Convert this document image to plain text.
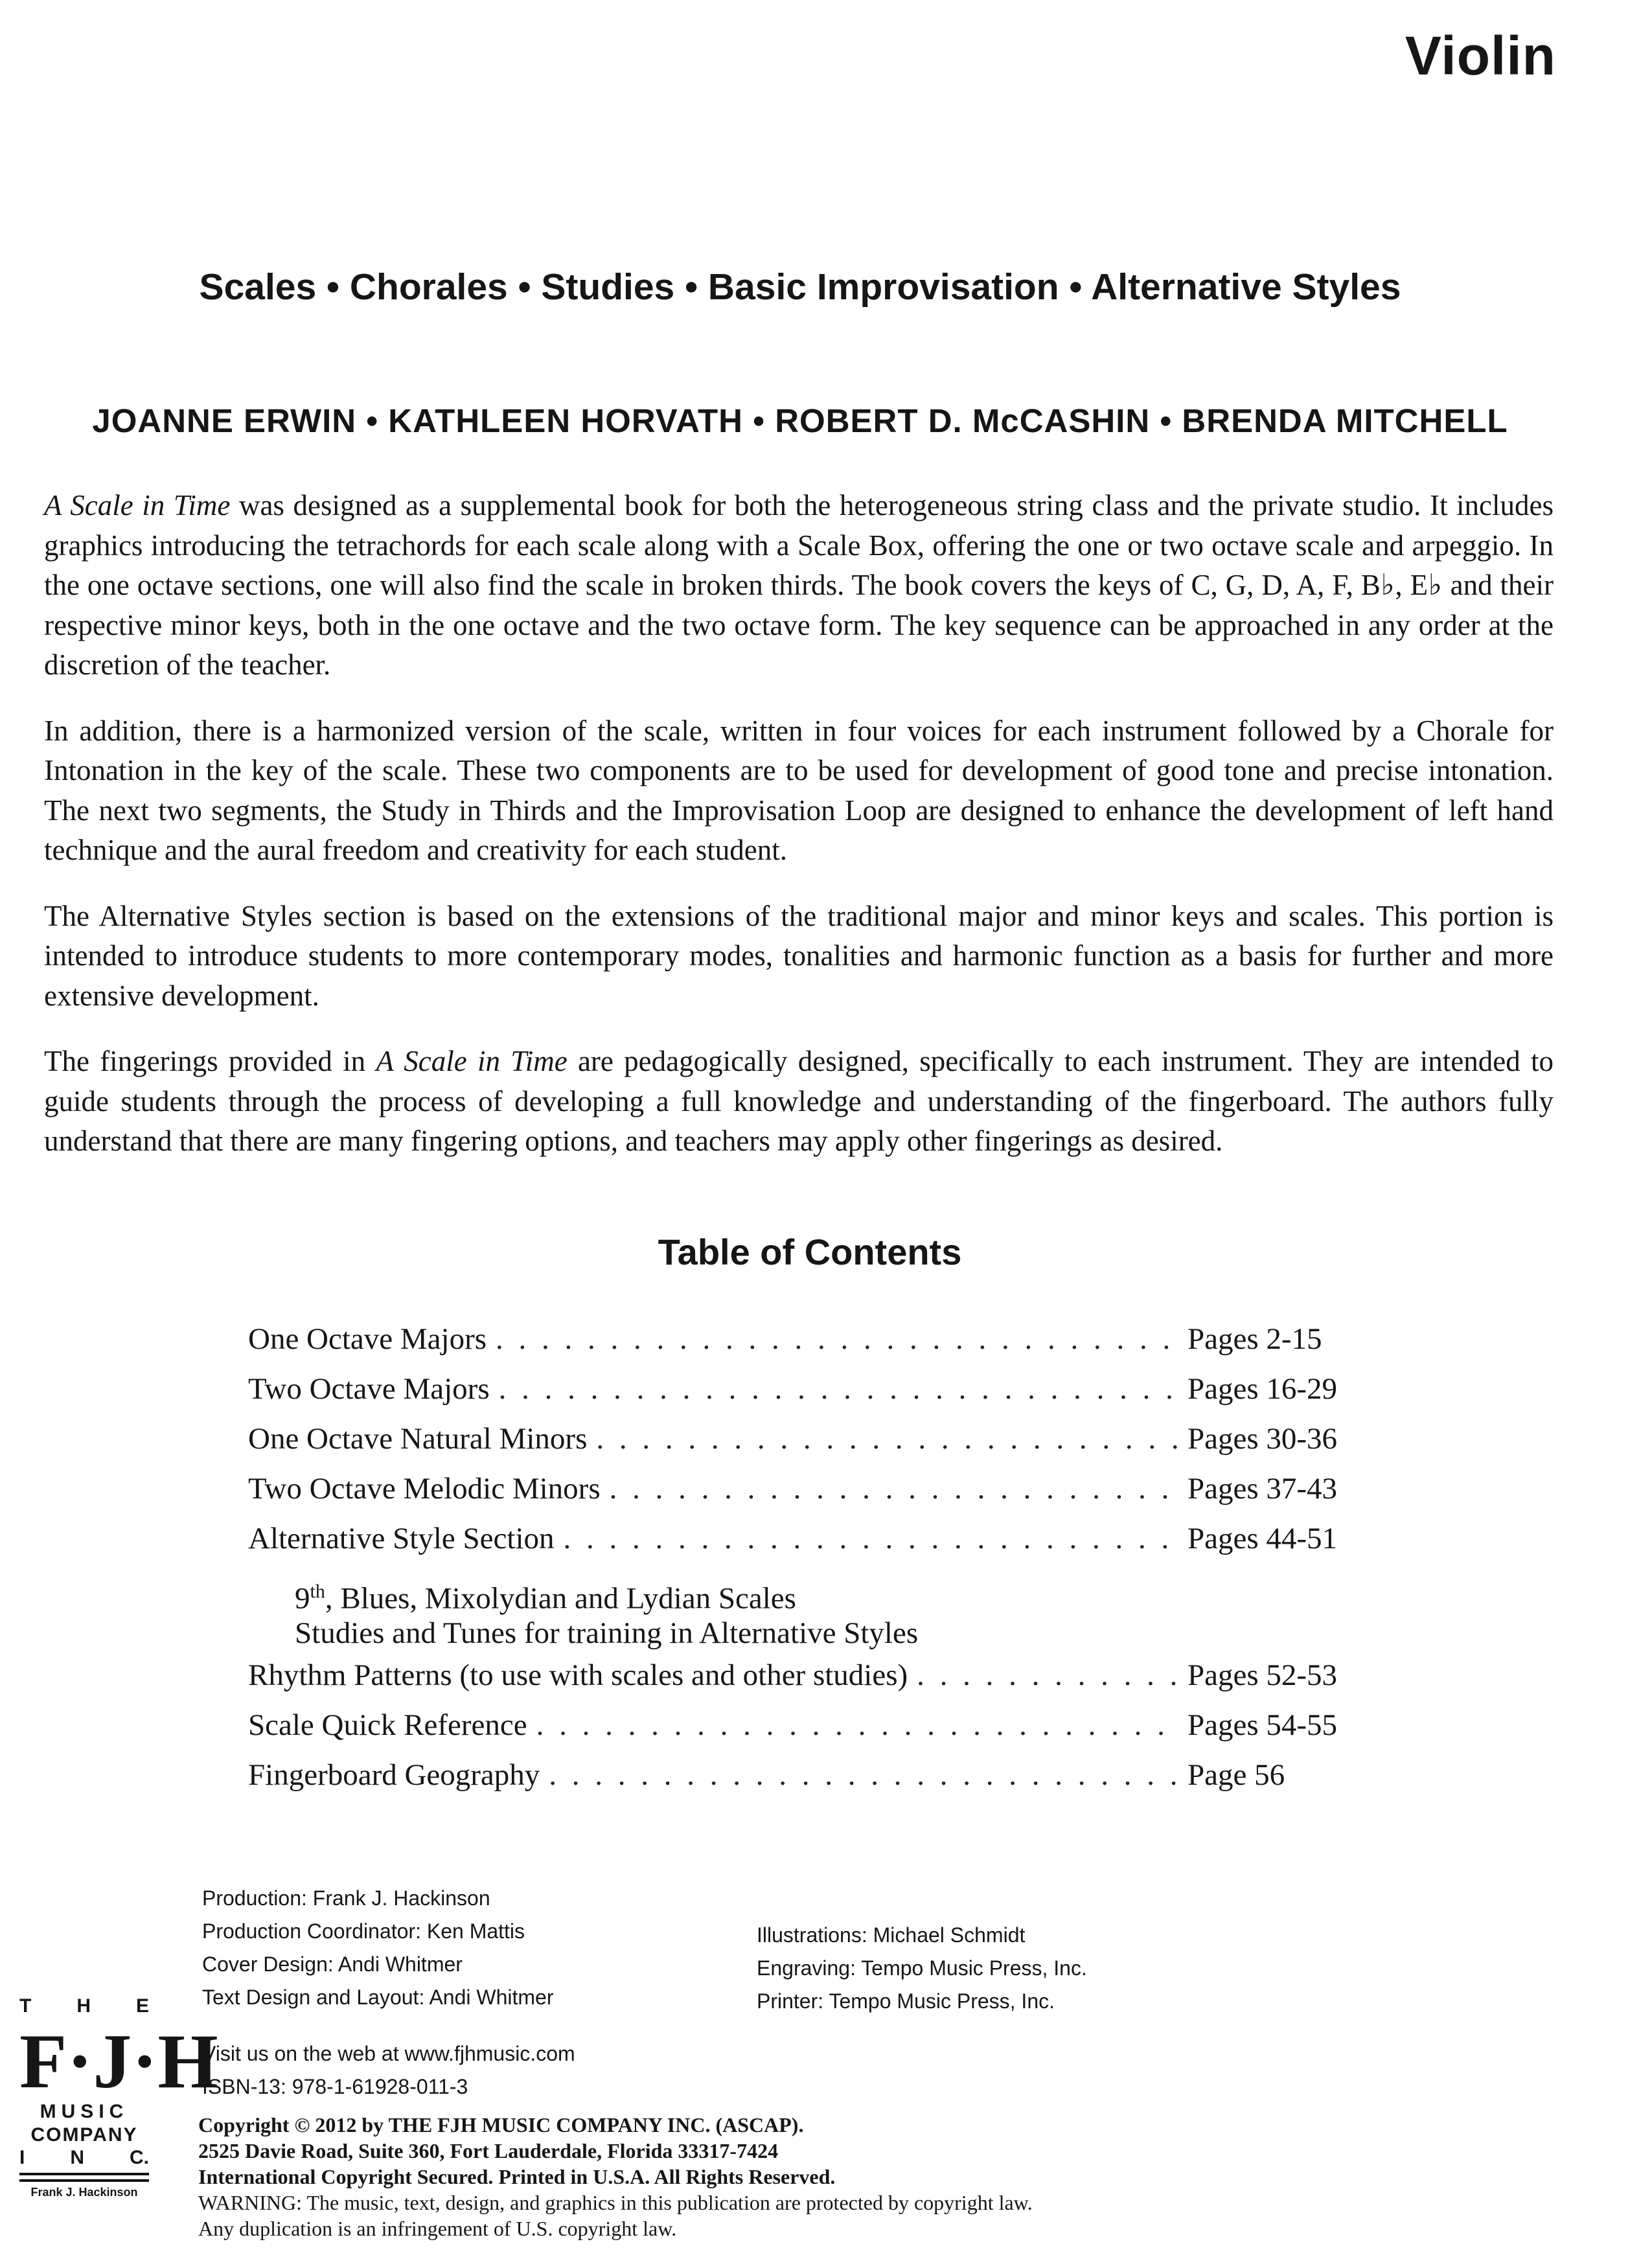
Violin
Scales • Chorales • Studies • Basic Improvisation • Alternative Styles
JOANNE ERWIN • KATHLEEN HORVATH • ROBERT D. McCASHIN • BRENDA MITCHELL

A Scale in Time was designed as a supplemental book for both the heterogeneous string class and the private studio. It includes graphics introducing the tetrachords for each scale along with a Scale Box, offering the one or two octave scale and arpeggio. In the one octave sections, one will also find the scale in broken thirds. The book covers the keys of C, G, D, A, F, B♭, E♭ and their respective minor keys, both in the one octave and the two octave form. The key sequence can be approached in any order at the discretion of the teacher.

In addition, there is a harmonized version of the scale, written in four voices for each instrument followed by a Chorale for Intonation in the key of the scale. These two components are to be used for development of good tone and precise intonation. The next two segments, the Study in Thirds and the Improvisation Loop are designed to enhance the development of left hand technique and the aural freedom and creativity for each student.

The Alternative Styles section is based on the extensions of the traditional major and minor keys and scales. This portion is intended to introduce students to more contemporary modes, tonalities and harmonic function as a basis for further and more extensive development.

The fingerings provided in A Scale in Time are pedagogically designed, specifically to each instrument. They are intended to guide students through the process of developing a full knowledge and understanding of the fingerboard. The authors fully understand that there are many fingering options, and teachers may apply other fingerings as desired.

Table of Contents
One Octave Majors . . .	Pages 2-15
Two Octave Majors . . .	Pages 16-29
One Octave Natural Minors . . .	Pages 30-36
Two Octave Melodic Minors . . .	Pages 37-43
Alternative Style Section . . .	Pages 44-51
9th, Blues, Mixolydian and Lydian Scales
Studies and Tunes for training in Alternative Styles
Rhythm Patterns (to use with scales and other studies) . . .	Pages 52-53
Scale Quick Reference . . .	Pages 54-55
Fingerboard Geography . . .	Page 56
Production: Frank J. Hackinson
Production Coordinator: Ken Mattis
Cover Design: Andi Whitmer
Text Design and Layout: Andi Whitmer
Illustrations: Michael Schmidt
Engraving: Tempo Music Press, Inc.
Printer: Tempo Music Press, Inc.
Visit us on the web at www.fjhmusic.com
ISBN-13: 978-1-61928-011-3
Copyright © 2012 by THE FJH MUSIC COMPANY INC. (ASCAP).
2525 Davie Road, Suite 360, Fort Lauderdale, Florida 33317-7424
International Copyright Secured. Printed in U.S.A. All Rights Reserved.
WARNING: The music, text, design, and graphics in this publication are protected by copyright law.
Any duplication is an infringement of U.S. copyright law.
T H E
F·J·H
MUSIC
COMPANY
I N C.
Frank J. Hackinson
